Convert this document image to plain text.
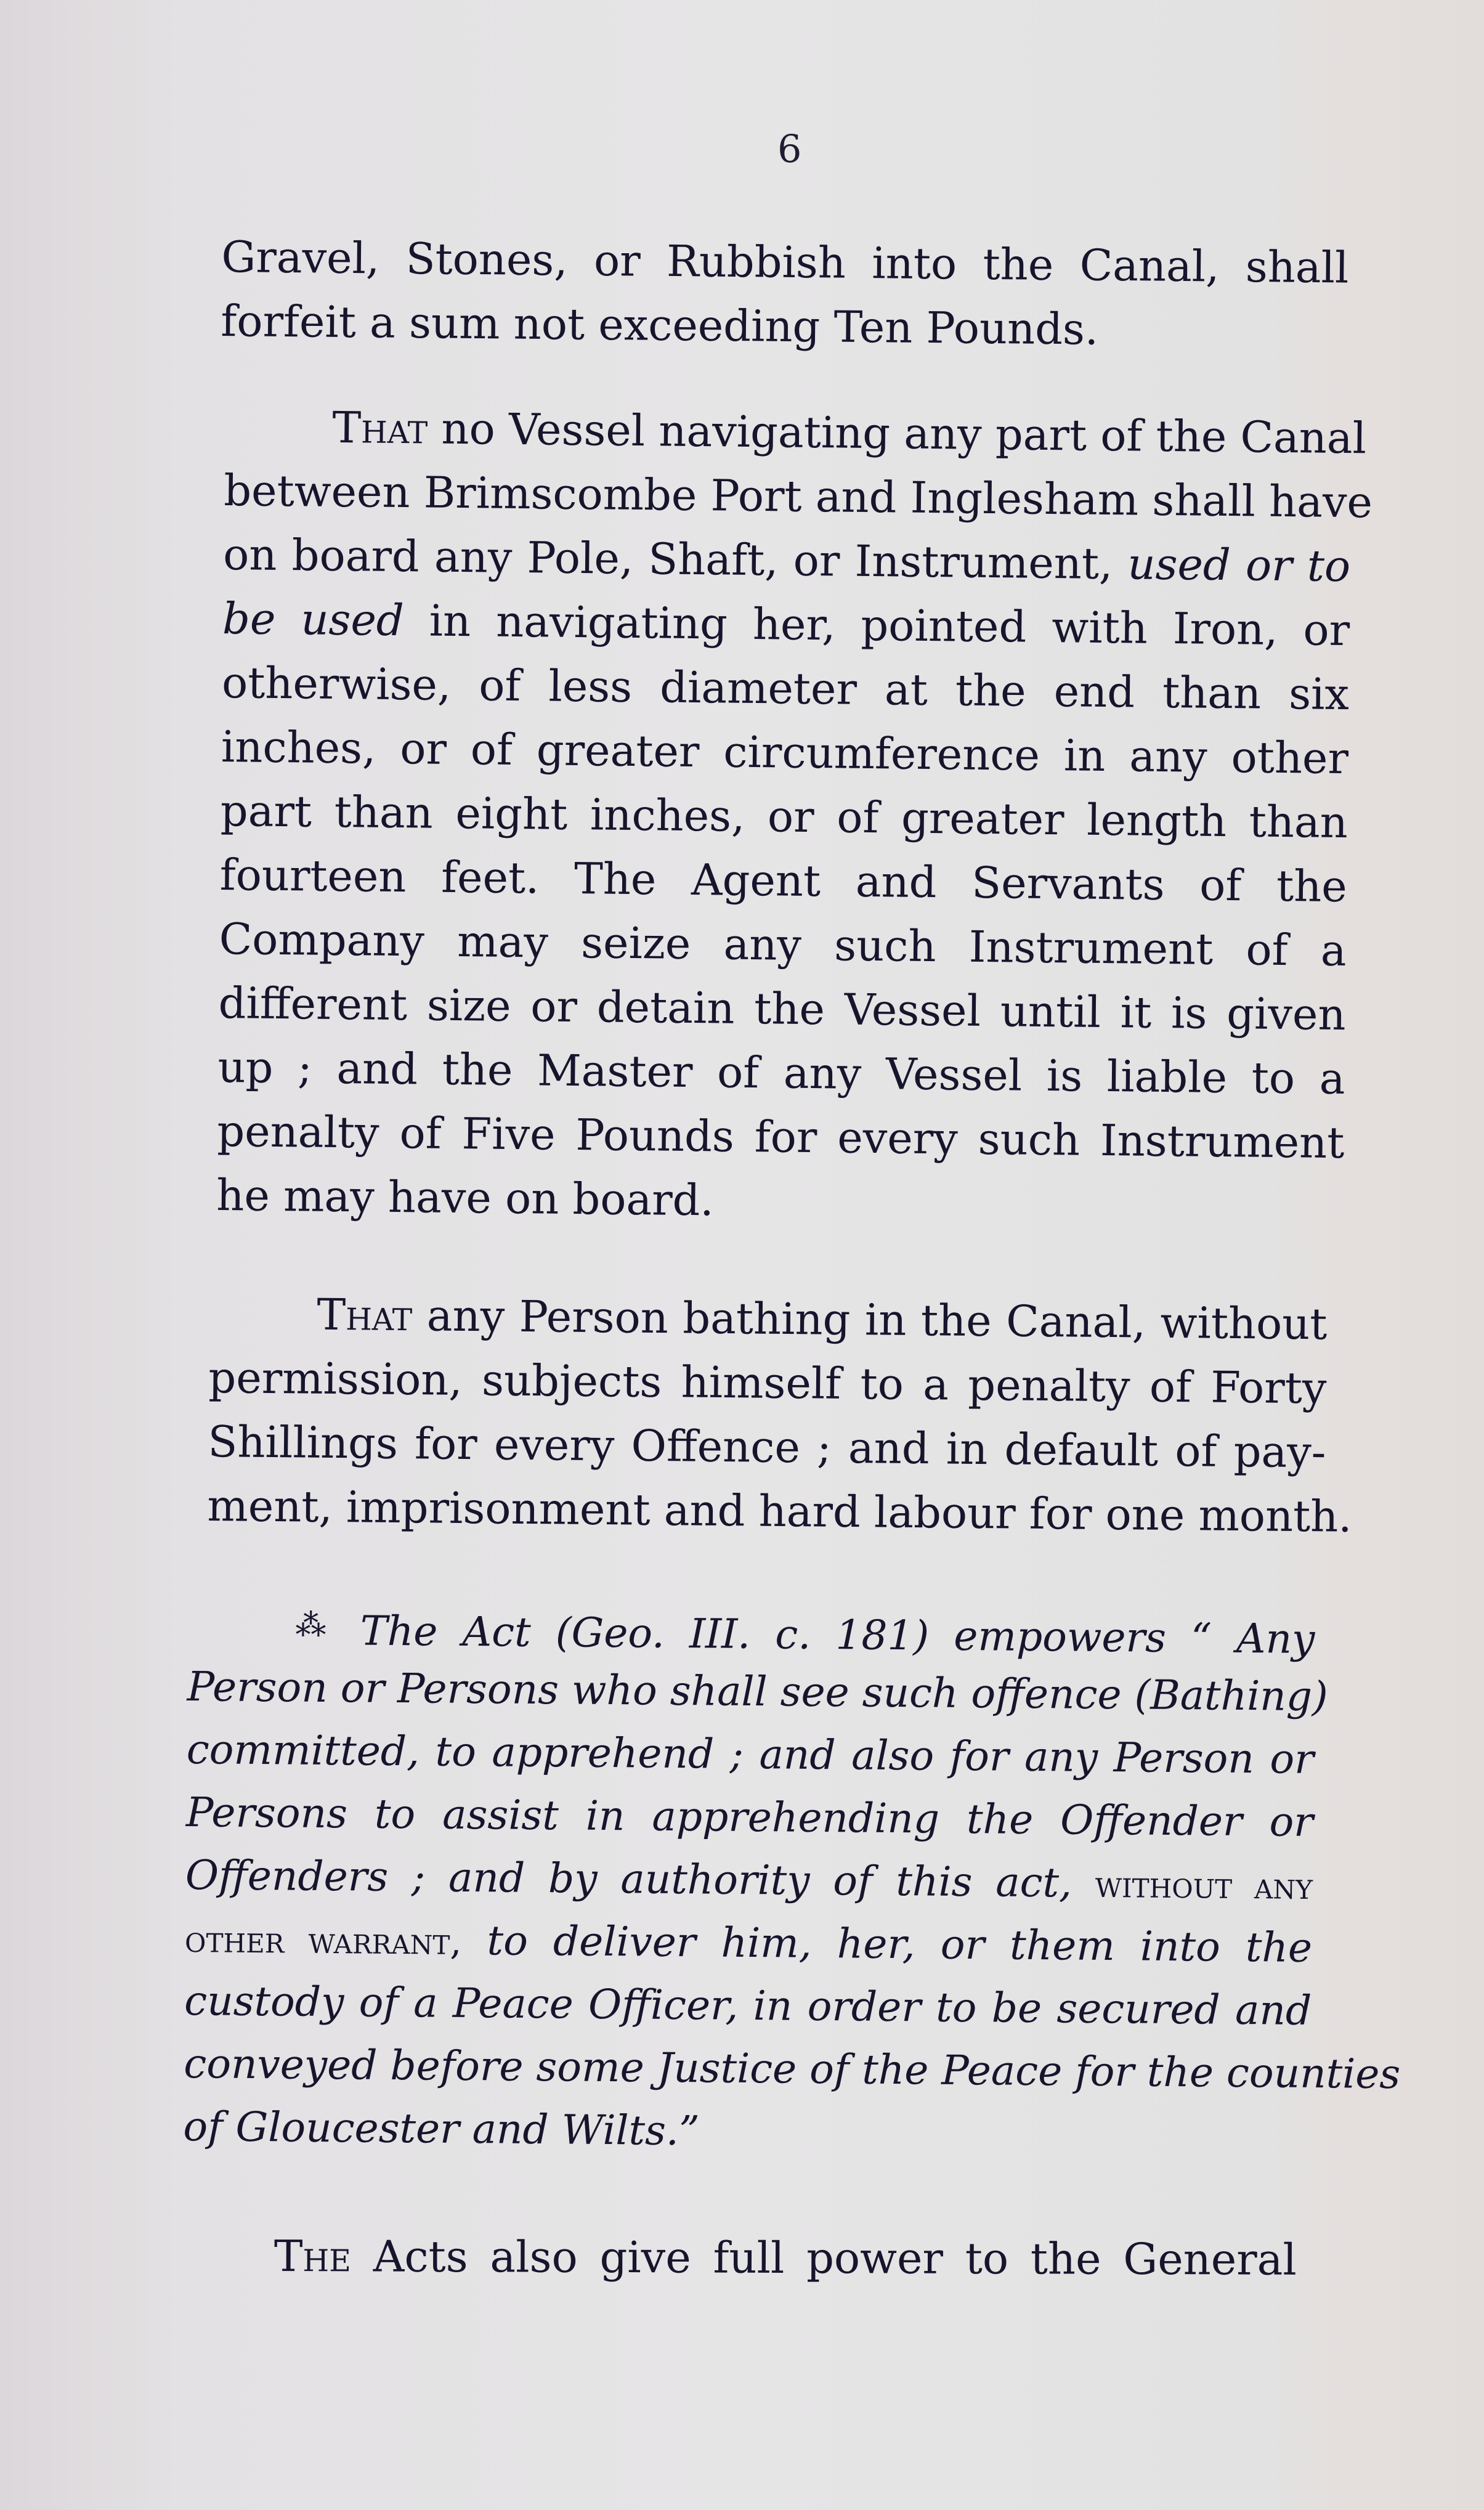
6
Gravel, Stones, or Rubbish into the Canal, shall
forfeit a sum not exceeding Ten Pounds.
That no Vessel navigating any part of the Canal
between Brimscombe Port and Inglesham shall have
on board any Pole, Shaft, or Instrument, used or to
be used in navigating her, pointed with Iron, or
otherwise, of less diameter at the end than six
inches, or of greater circumference in any other
part than eight inches, or of greater length than
fourteen feet. The Agent and Servants of the
Company may seize any such Instrument of a
different size or detain the Vessel until it is given
up ; and the Master of any Vessel is liable to a
penalty of Five Pounds for every such Instrument
he may have on board.
That any Person bathing in the Canal, without
permission, subjects himself to a penalty of Forty
Shillings for every Offence ; and in default of pay-
ment, imprisonment and hard labour for one month.
⁂ The Act (Geo. III. c. 181) empowers “ Any
Person or Persons who shall see such offence (Bathing)
committed, to apprehend ; and also for any Person or
Persons to assist in apprehending the Offender or
Offenders ; and by authority of this act, without any
other warrant, to deliver him, her, or them into the
custody of a Peace Officer, in order to be secured and
conveyed before some Justice of the Peace for the counties
of Gloucester and Wilts.”
The Acts also give full power to the General
